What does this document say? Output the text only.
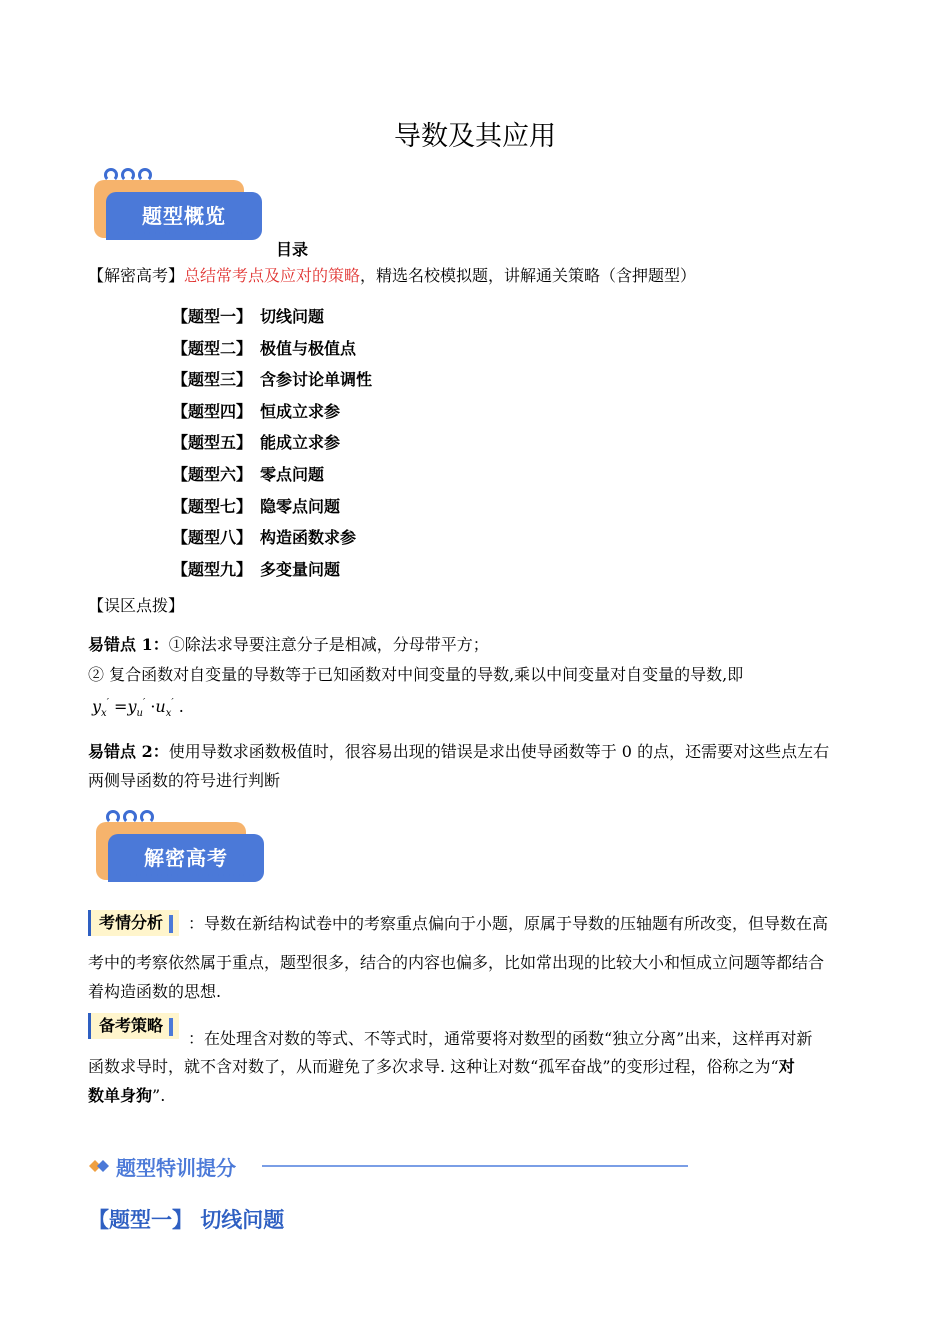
导数及其应用
题型概览
目录
【解密高考】总结常考点及应对的策略，精选名校模拟题，讲解通关策略（含押题型）
【题型一】 切线问题
【题型二】 极值与极值点
【题型三】 含参讨论单调性
【题型四】 恒成立求参
【题型五】 能成立求参
【题型六】 零点问题
【题型七】 隐零点问题
【题型八】 构造函数求参
【题型九】 多变量问题
【误区点拨】
易错点 1：①除法求导要注意分子是相减，分母带平方；
② 复合函数对自变量的导数等于已知函数对中间变量的导数,乘以中间变量对自变量的导数,即
$y_x' =y_u' \cdot u_x'$ .
易错点 2：使用导数求函数极值时，很容易出现的错误是求出使导函数等于 0 的点，还需要对这些点左右
两侧导函数的符号进行判断
解密高考
考情分析	：导数在新结构试卷中的考察重点偏向于小题，原属于导数的压轴题有所改变，但导数在高
考中的考察依然属于重点，题型很多，结合的内容也偏多，比如常出现的比较大小和恒成立问题等都结合
着构造函数的思想.
备考策略
：在处理含对数的等式、不等式时，通常要将对数型的函数“独立分离”出来，这样再对新
函数求导时，就不含对数了，从而避免了多次求导. 这种让对数“孤军奋战”的变形过程，俗称之为“对
数单身狗”.
题型特训提分
【题型一】 切线问题
